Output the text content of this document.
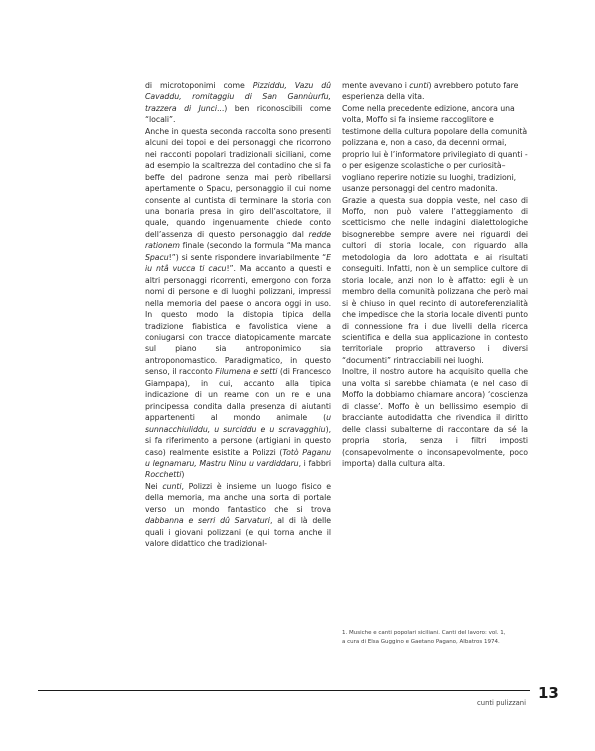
di microtoponimi come Pizziddu, Vazu dû Cavaddu, romitaggiu di San Gannùurfu, trazzera di Junci...) ben riconoscibili come “locali”.

Anche in questa seconda raccolta sono presenti alcuni dei topoi e dei personaggi che ricorrono nei racconti popolari tradizionali siciliani, come ad esempio la scaltrezza del contadino che si fa beffe del padrone senza mai però ribellarsi apertamente o Spacu, personaggio il cui nome consente al cuntista di terminare la storia con una bonaria presa in giro dell’ascoltatore, il quale, quando ingenuamente chiede conto dell’assenza di questo personaggio dal redde rationem finale (secondo la formula “Ma manca Spacu!”) si sente rispondere invariabilmente “E iu ntâ vucca ti cacu!”. Ma accanto a questi e altri personaggi ricorrenti, emergono con forza nomi di persone e di luoghi polizzani, impressi nella memoria del paese o ancora oggi in uso. In questo modo la distopia tipica della tradizione fiabistica e favolistica viene a coniugarsi con tracce diatopicamente marcate sul piano sia antroponimico sia antroponomastico. Paradigmatico, in questo senso, il racconto Filumena e setti (di Francesco Giampapa), in cui, accanto alla tipica indicazione di un reame con un re e una principessa condita dalla presenza di aiutanti appartenenti al mondo animale (u sunnacchiuliddu, u surciddu e u scravagghiu), si fa riferimento a persone (artigiani in questo caso) realmente esistite a Polizzi (Totò Paganu u legnamaru, Mastru Ninu u vardiddaru, i fabbri Rocchetti)

Nei cunti, Polizzi è insieme un luogo fisico e della memoria, ma anche una sorta di portale verso un mondo fantastico che si trova dabbanna e serri dû Sarvaturi, al di là delle quali i giovani polizzani (e qui torna anche il valore didattico che tradizional-

mente avevano i cunti) avrebbero potuto fare esperienza della vita.

Come nella precedente edizione, ancora una volta, Moffo si fa insieme raccoglitore e testimone della cultura popolare della comunità polizzana e, non a caso, da decenni ormai, proprio lui è l’informatore privilegiato di quanti -o per esigenze scolastiche o per curiosità– vogliano reperire notizie su luoghi, tradizioni, usanze personaggi del centro madonita.

Grazie a questa sua doppia veste, nel caso di Moffo, non può valere l’atteggiamento di scetticismo che nelle indagini dialettologiche bisognerebbe sempre avere nei riguardi dei cultori di storia locale, con riguardo alla metodologia da loro adottata e ai risultati conseguiti. Infatti, non è un semplice cultore di storia locale, anzi non lo è affatto: egli è un membro della comunità polizzana che però mai si è chiuso in quel recinto di autoreferenzialità che impedisce che la storia locale diventi punto di connessione fra i due livelli della ricerca scientifica e della sua applicazione in contesto territoriale proprio attraverso i diversi “documenti” rintracciabili nei luoghi.

Inoltre, il nostro autore ha acquisito quella che una volta si sarebbe chiamata (e nel caso di Moffo la dobbiamo chiamare ancora) ‘coscienza di classe’. Moffo è un bellissimo esempio di bracciante autodidatta che rivendica il diritto delle classi subalterne di raccontare da sé la propria storia, senza i filtri imposti (consapevolmente o inconsapevolmente, poco importa) dalla cultura alta.

1. Musiche e canti popolari siciliani. Canti del lavoro: vol. 1,

a cura di Elsa Guggino e Gaetano Pagano, Albatros 1974.

cunti pulizzani
13
